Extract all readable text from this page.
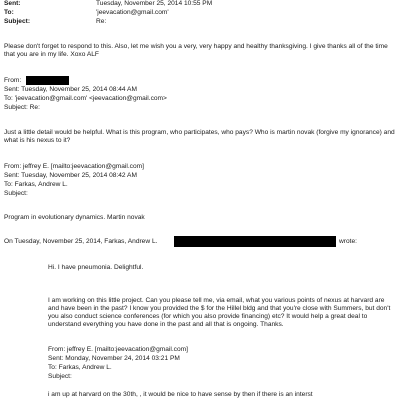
Sent:	Tuesday, November 25, 2014 10:55 PM
To:	'jeevacation@gmail.com'
Subject:	Re:
Please don't forget to respond to this. Also, let me wish you a very, very happy and healthy thanksgiving. I give thanks all of the time that you are in my life. Xoxo ALF
From:
Sent: Tuesday, November 25, 2014 08:44 AM
To: 'jeevacation@gmail.com' <jeevacation@gmail.com>
Subject: Re:
Just a little detail would be helpful. What is this program, who participates, who pays? Who is martin novak (forgive my ignorance) and what is his nexus to it?
From: jeffrey E. [mailto:jeevacation@gmail.com]
Sent: Tuesday, November 25, 2014 08:42 AM
To: Farkas, Andrew L.
Subject:
Program in evolutionary dynamics. Martin novak
On Tuesday, November 25, 2014, Farkas, Andrew L.	wrote:
Hi. I have pneumonia. Delightful.
I am working on this little project. Can you please tell me, via email, what you various points of nexus at harvard are and have been in the past? I know you provided the $ for the Hillel bldg and that you're close with Summers, but don't you also conduct science conferences (for which you also provide financing) etc? It would help a great deal to understand everything you have done in the past and all that is ongoing. Thanks.
From: jeffrey E. [mailto:jeevacation@gmail.com]
Sent: Monday, November 24, 2014 03:21 PM
To: Farkas, Andrew L.
Subject:
i am up at harvard on the 30th, , it would be nice to have sense by then if there is an interst
